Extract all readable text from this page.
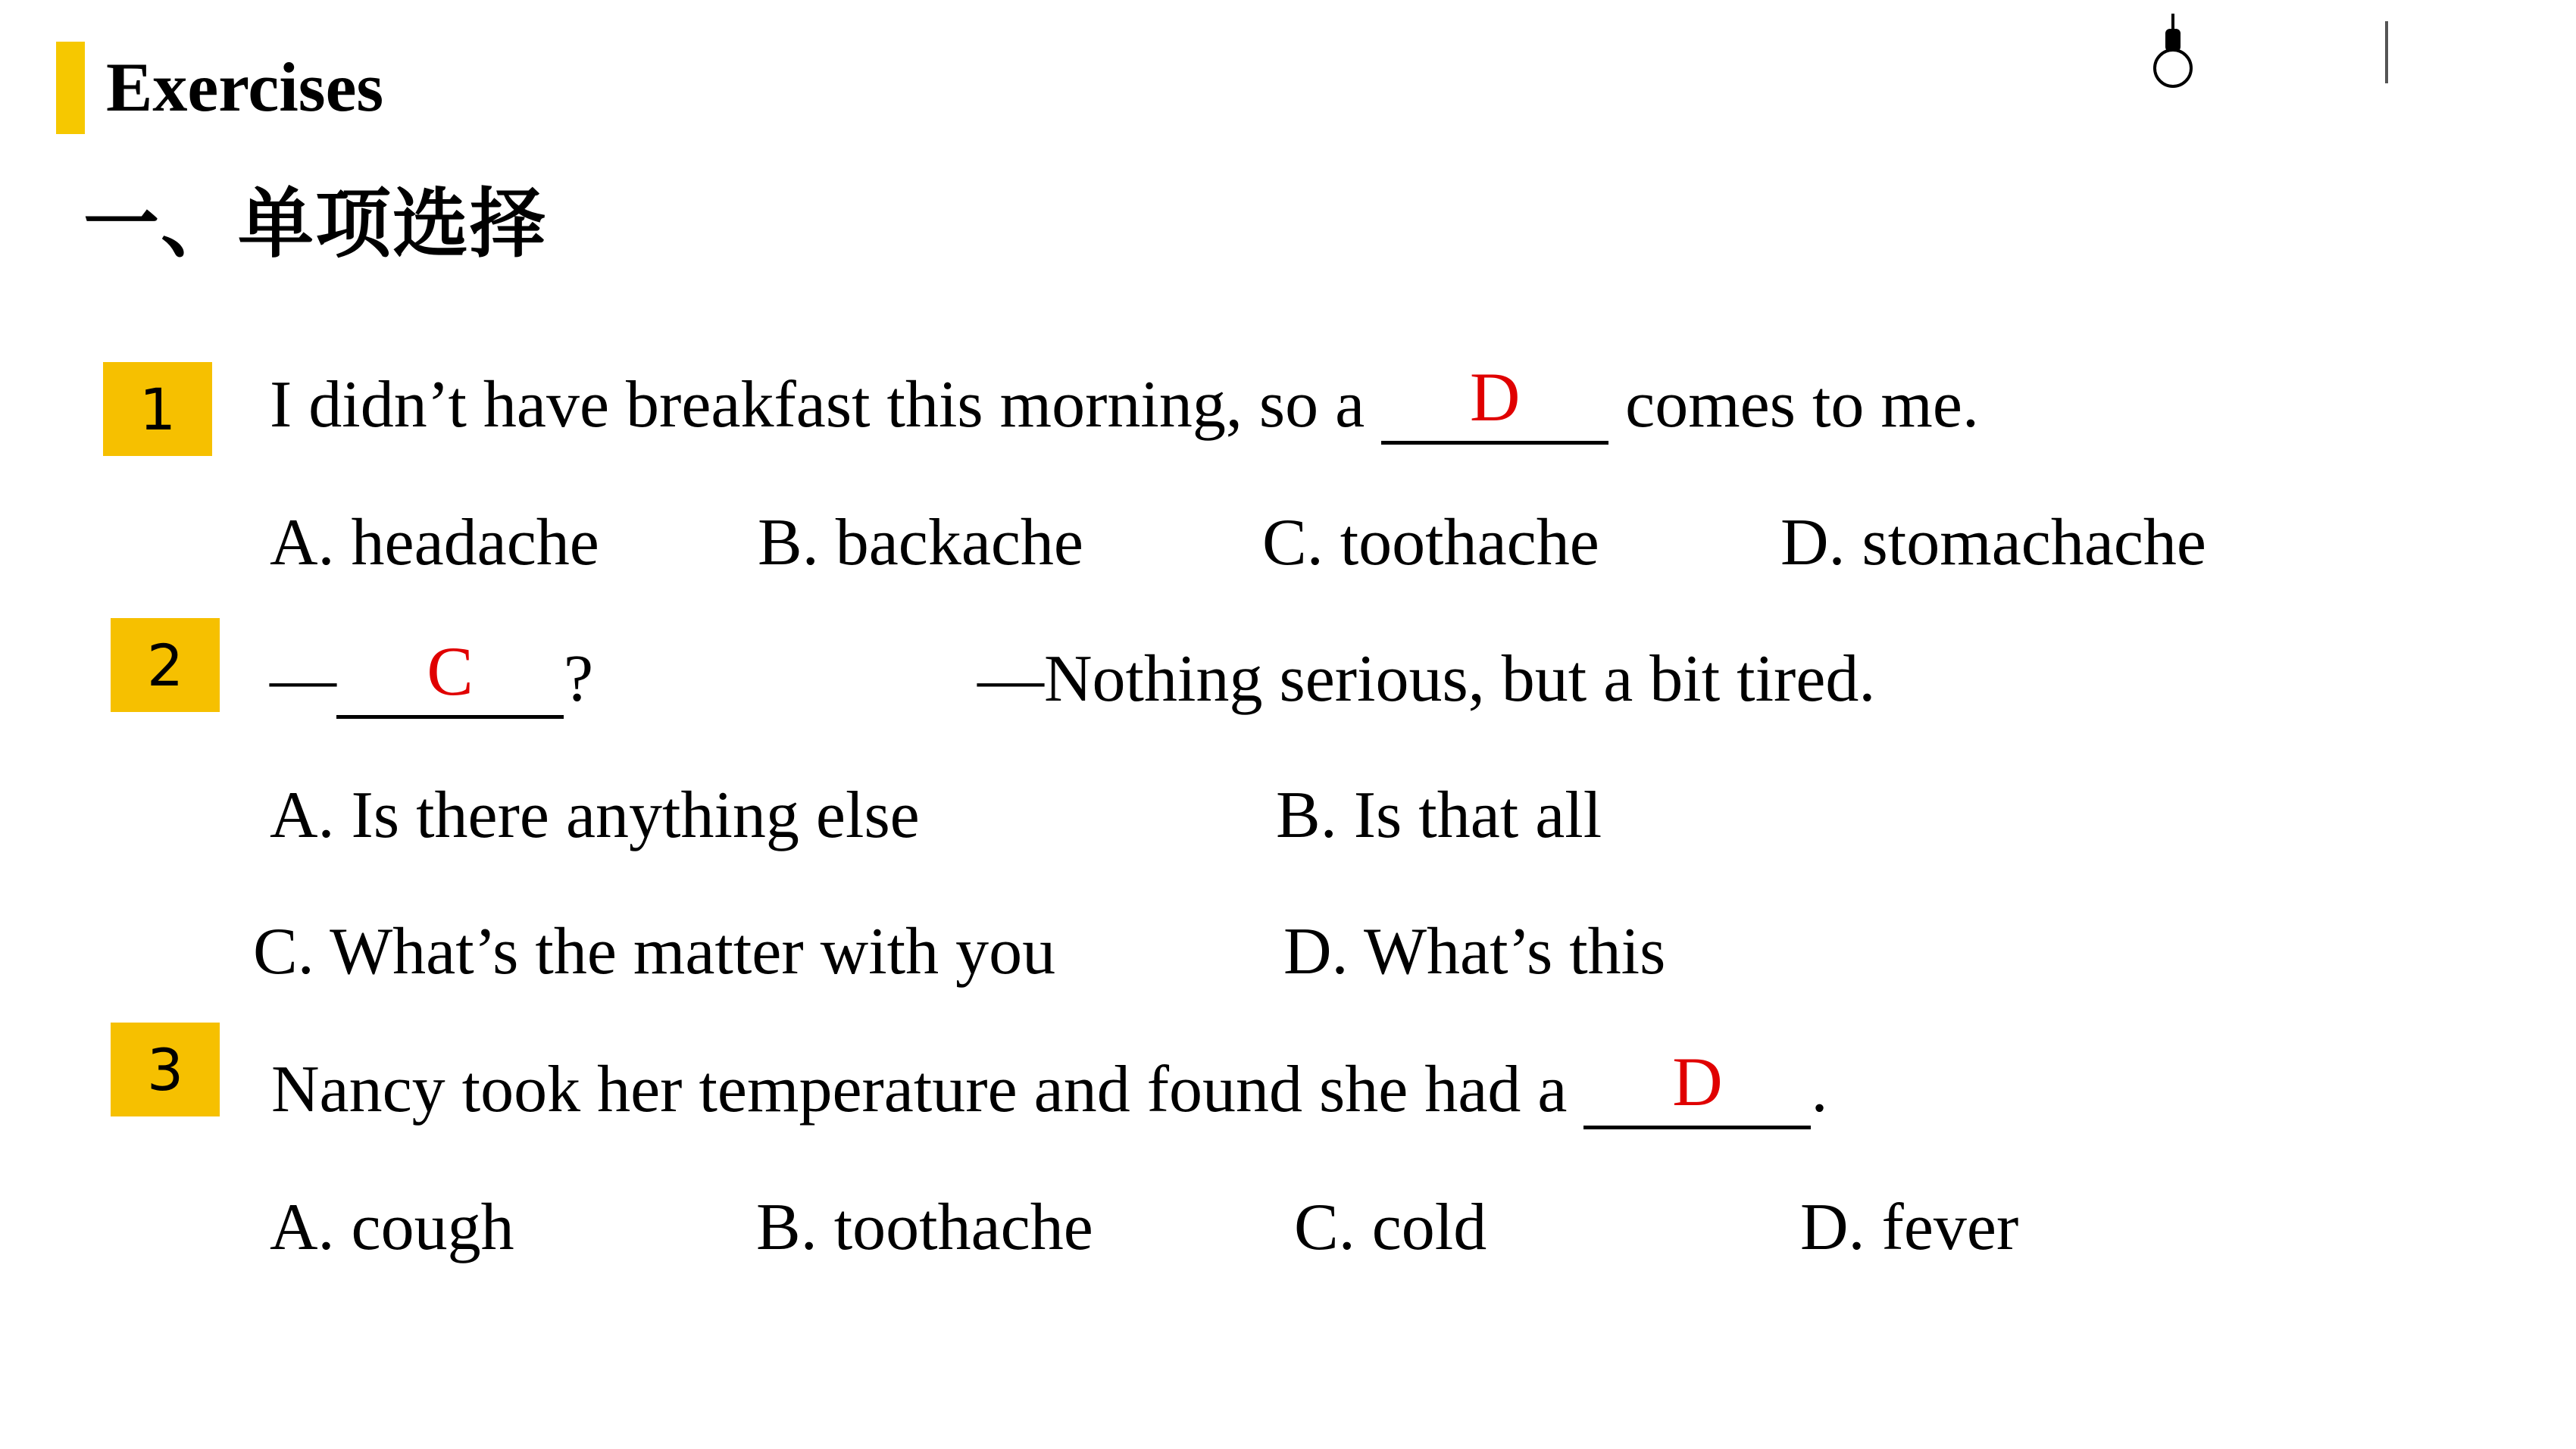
Exercises
一、单项选择
1	I didn’t have breakfast this morning, so a D comes to me.
A. headache B. backache	C. toothache	D. stomachache
2	— C ?	—Nothing serious, but a bit tired.
A. Is there anything else	B. Is that all
C. What’s the matter with you	D. What’s this
3	Nancy took her temperature and found she had a D .
A. cough	B. toothache	C. cold	D. fever
